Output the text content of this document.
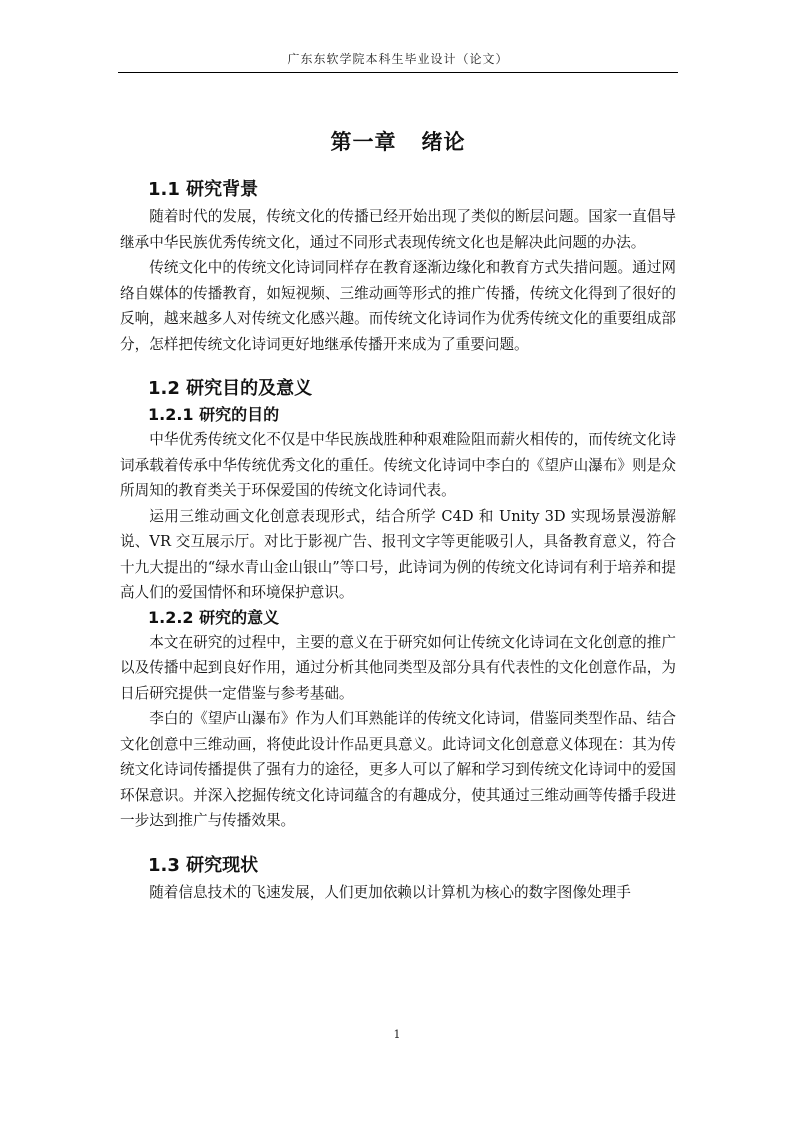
广东东软学院本科生毕业设计（论文）
第一章   绪论
1.1 研究背景

随着时代的发展，传统文化的传播已经开始出现了类似的断层问题。国家一直倡导继承中华民族优秀传统文化，通过不同形式表现传统文化也是解决此问题的办法。

传统文化中的传统文化诗词同样存在教育逐渐边缘化和教育方式失措问题。通过网络自媒体的传播教育，如短视频、三维动画等形式的推广传播，传统文化得到了很好的反响，越来越多人对传统文化感兴趣。而传统文化诗词作为优秀传统文化的重要组成部分，怎样把传统文化诗词更好地继承传播开来成为了重要问题。

1.2 研究目的及意义
1.2.1 研究的目的

中华优秀传统文化不仅是中华民族战胜种种艰难险阻而薪火相传的，而传统文化诗词承载着传承中华传统优秀文化的重任。传统文化诗词中李白的《望庐山瀑布》则是众所周知的教育类关于环保爱国的传统文化诗词代表。

运用三维动画文化创意表现形式，结合所学 C4D 和 Unity 3D 实现场景漫游解说、VR 交互展示厅。对比于影视广告、报刊文字等更能吸引人，具备教育意义，符合十九大提出的“绿水青山金山银山”等口号，此诗词为例的传统文化诗词有利于培养和提高人们的爱国情怀和环境保护意识。

1.2.2 研究的意义

本文在研究的过程中，主要的意义在于研究如何让传统文化诗词在文化创意的推广以及传播中起到良好作用，通过分析其他同类型及部分具有代表性的文化创意作品，为日后研究提供一定借鉴与参考基础。

李白的《望庐山瀑布》作为人们耳熟能详的传统文化诗词，借鉴同类型作品、结合文化创意中三维动画，将使此设计作品更具意义。此诗词文化创意意义体现在：其为传统文化诗词传播提供了强有力的途径，更多人可以了解和学习到传统文化诗词中的爱国环保意识。并深入挖掘传统文化诗词蕴含的有趣成分，使其通过三维动画等传播手段进一步达到推广与传播效果。

1.3 研究现状

随着信息技术的飞速发展，人们更加依赖以计算机为核心的数字图像处理手

1
